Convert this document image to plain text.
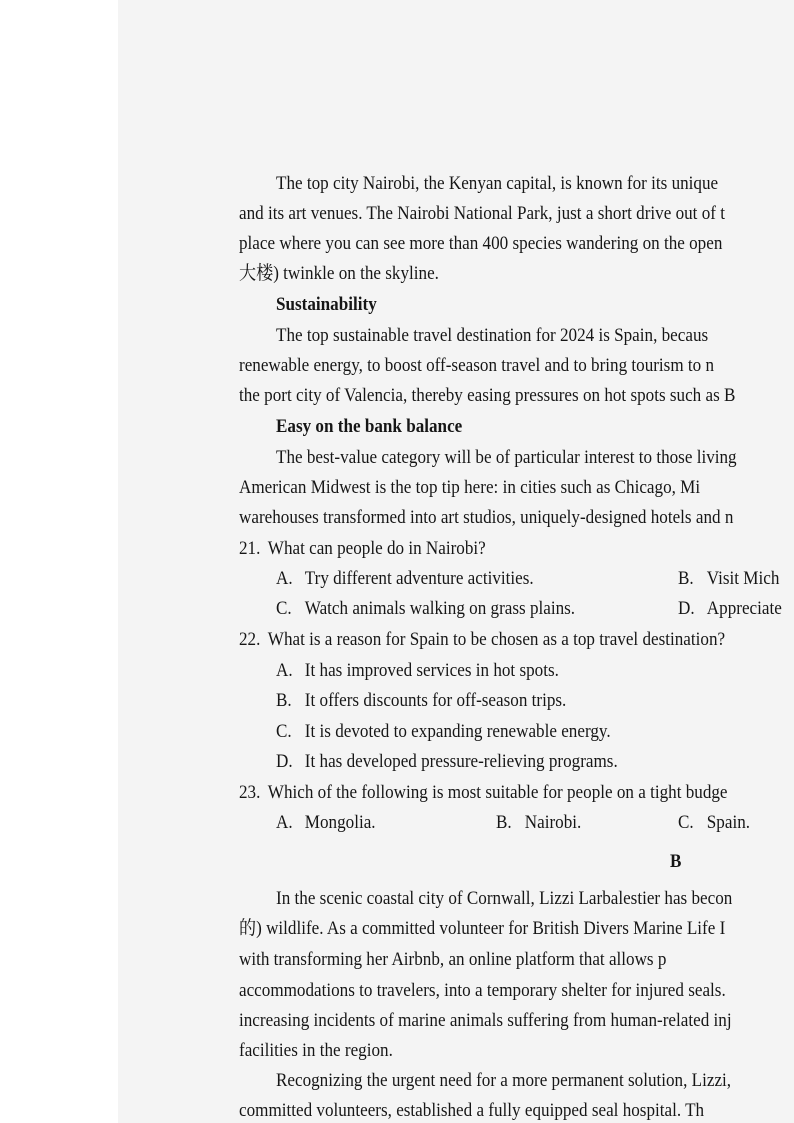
The top city Nairobi, the Kenyan capital, is known for its unique
and its art venues. The Nairobi National Park, just a short drive out of t
place where you can see more than 400 species wandering on the open
大楼) twinkle on the skyline.
Sustainability
The top sustainable travel destination for 2024 is Spain, becaus
renewable energy, to boost off-season travel and to bring tourism to n
the port city of Valencia, thereby easing pressures on hot spots such as B
Easy on the bank balance
The best-value category will be of particular interest to those living
American Midwest is the top tip here: in cities such as Chicago, Mi
warehouses transformed into art studios, uniquely-designed hotels and n
21. What can people do in Nairobi?
A. Try different adventure activities.	B. Visit Mich
C. Watch animals walking on grass plains.	D. Appreciate
22. What is a reason for Spain to be chosen as a top travel destination?
A. It has improved services in hot spots.
B. It offers discounts for off-season trips.
C. It is devoted to expanding renewable energy.
D. It has developed pressure-relieving programs.
23. Which of the following is most suitable for people on a tight budge
A. Mongolia.	B. Nairobi.	C. Spain.
B
In the scenic coastal city of Cornwall, Lizzi Larbalestier has becon
的) wildlife. As a committed volunteer for British Divers Marine Life I
with transforming her Airbnb, an online platform that allows p
accommodations to travelers, into a temporary shelter for injured seals.
increasing incidents of marine animals suffering from human-related inj
facilities in the region.
Recognizing the urgent need for a more permanent solution, Lizzi,
committed volunteers, established a fully equipped seal hospital. Th
